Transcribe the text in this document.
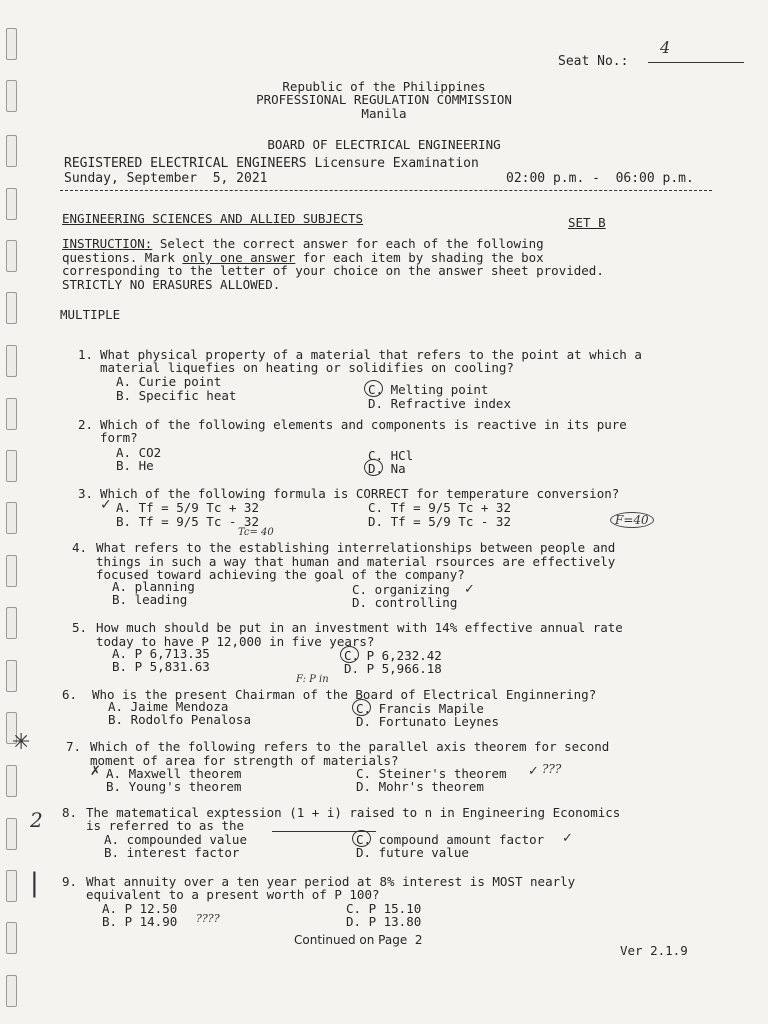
Seat No.:
4
Republic of the Philippines
PROFESSIONAL REGULATION COMMISSION
Manila
BOARD OF ELECTRICAL ENGINEERING
REGISTERED ELECTRICAL ENGINEERS Licensure Examination
Sunday, September  5, 2021	02:00 p.m. -  06:00 p.m.
ENGINEERING SCIENCES AND ALLIED SUBJECTS	SET B
INSTRUCTION: Select the correct answer for each of the following
questions. Mark only one answer for each item by shading the box
corresponding to the letter of your choice on the answer sheet provided.
STRICTLY NO ERASURES ALLOWED.
MULTIPLE
1. What physical property of a material that refers to the point at which a
material liquefies on heating or solidifies on cooling?
A. Curie point
B. Specific heat	C. Melting point
D. Refractive index
2. Which of the following elements and components is reactive in its pure
form?
A. CO2
B. He
C. HCl
D. Na
3. Which of the following formula is CORRECT for temperature conversion?
A. Tf = 5/9 Tc + 32
B. Tf = 9/5 Tc - 32
C. Tf = 9/5 Tc + 32
D. Tf = 5/9 Tc - 32
✓
Tc= 40
F=40
4. What refers to the establishing interrelationships between people and
things in such a way that human and material rsources are effectively
focused toward achieving the goal of the company?
A. planning
B. leading
C. organizing
D. controlling
✓
5. How much should be put in an investment with 14% effective annual rate
today to have P 12,000 in five years?
A. P 6,713.35
B. P 5,831.63
C. P 6,232.42
D. P 5,966.18
F: P in
6. Who is the present Chairman of the Board of Electrical Enginnering?
A. Jaime Mendoza
B. Rodolfo Penalosa
C. Francis Mapile
D. Fortunato Leynes
✳	7. Which of the following refers to the parallel axis theorem for second
moment of area for strength of materials?
A. Maxwell theorem
B. Young's theorem
C. Steiner's theorem
D. Mohr's theorem
✗	✓ ???
2 8. The matematical exptession (1 + i) raised to n in Engineering Economics
is referred to as the
A. compounded value
B. interest factor
C. compound amount factor
D. future value
✓
| 9. What annuity over a ten year period at 8% interest is MOST nearly
equivalent to a present worth of P 100?
A. P 12.50
B. P 14.90
C. P 15.10
D. P 13.80
????
Continued on Page  2
Ver 2.1.9
